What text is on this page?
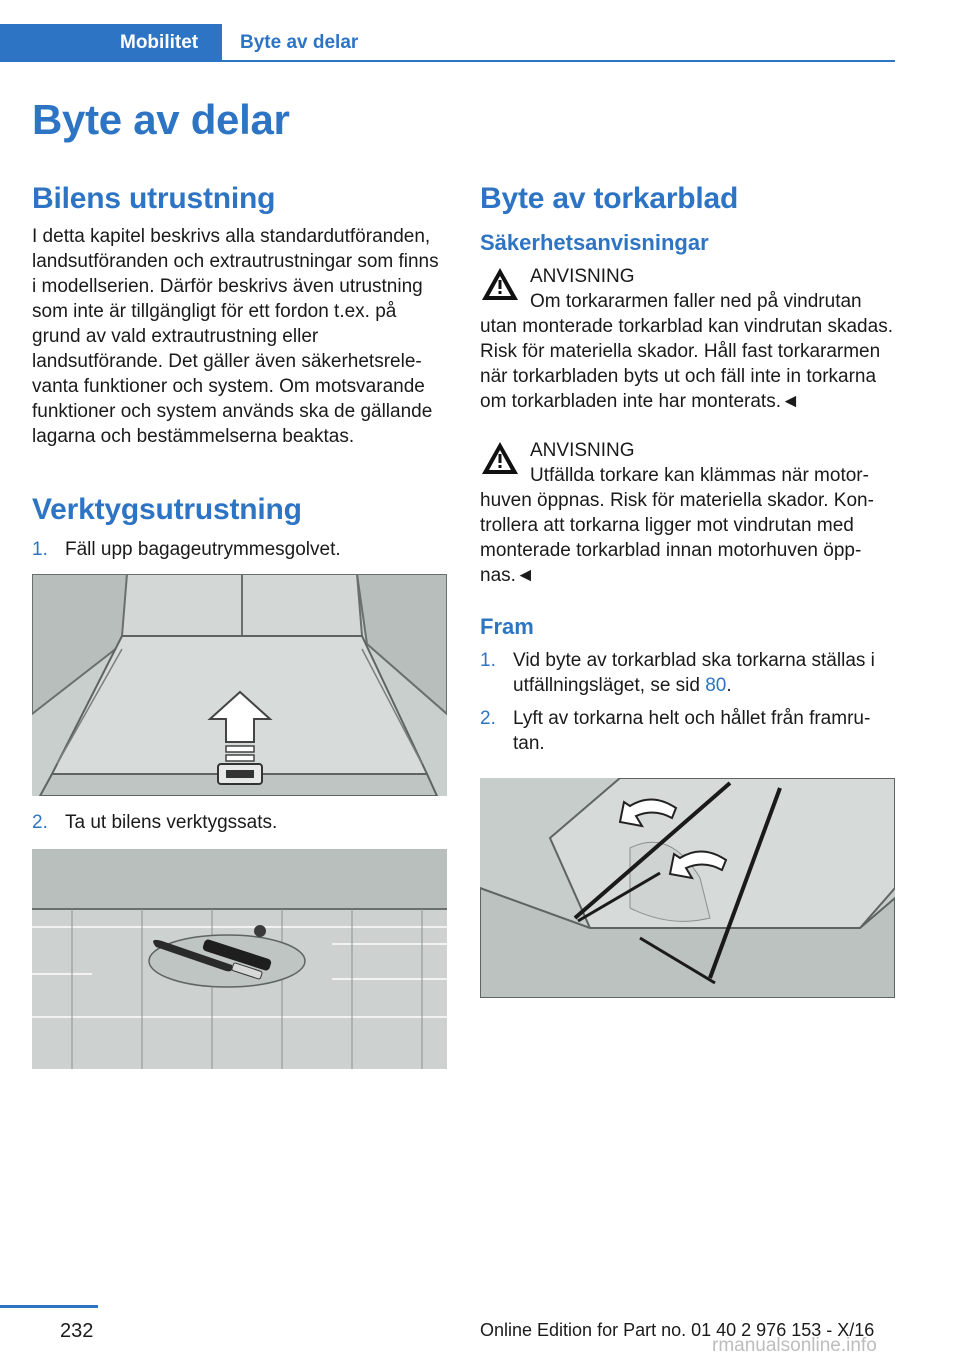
Mobilitet	Byte av delar
Byte av delar
Bilens utrustning

I detta kapitel beskrivs alla standardutföranden, landsutföranden och extrautrustningar som finns i modellserien. Därför beskrivs även utrustning som inte är tillgängligt för ett fordon t.ex. på grund av vald extrautrustning eller landsutförande. Det gäller även säkerhetsrelevanta funktioner och system. Om motsvarande funktioner och system används ska de gällande lagarna och bestämmelserna beaktas.

Verktygsutrustning
1. Fäll upp bagageutrymmesgolvet.
2. Ta ut bilens verktygssats.
Byte av torkarblad
Säkerhetsanvisningar
ANVISNING
Om torkararmen faller ned på vindrutan utan monterade torkarblad kan vindrutan skadas. Risk för materiella skador. Håll fast torkararmen när torkarbladen byts ut och fäll inte in torkarna om torkarbladen inte har monterats.◄
ANVISNING
Utfällda torkare kan klämmas när motorhuven öppnas. Risk för materiella skador. Kontrollera att torkarna ligger mot vindrutan med monterade torkarblad innan motorhuven öppnas.◄
Fram
1. Vid byte av torkarblad ska torkarna ställas i utfällningsläget, se sid 80.
2. Lyft av torkarna helt och hållet från framrutan.
232	Online Edition for Part no. 01 40 2 976 153 - X/16
rmanualsonline.info
